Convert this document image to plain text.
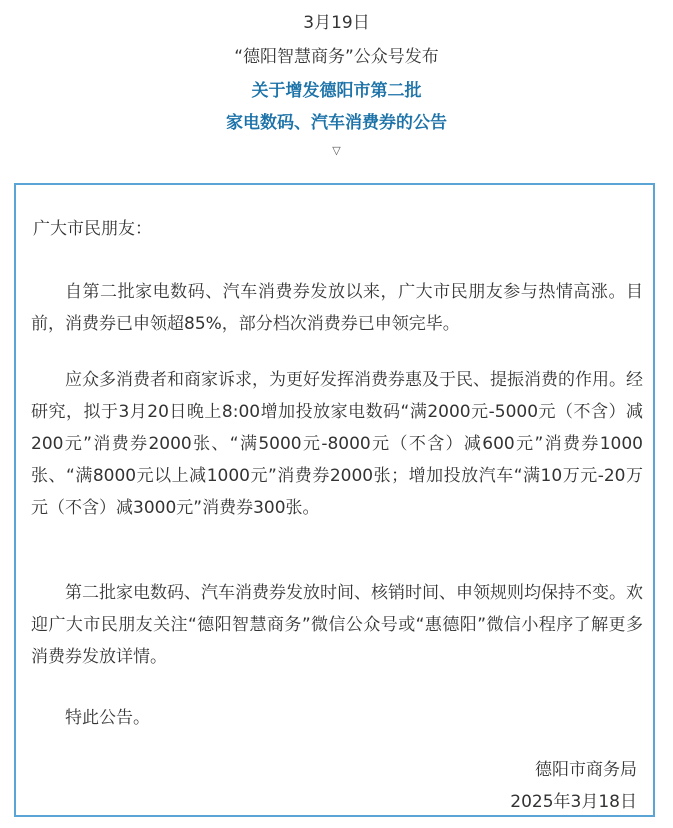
3月19日
“德阳智慧商务”公众号发布
关于增发德阳市第二批
家电数码、汽车消费券的公告
▽
广大市民朋友：

自第二批家电数码、汽车消费券发放以来，广大市民朋友参与热情高涨。目前，消费券已申领超85%，部分档次消费券已申领完毕。

应众多消费者和商家诉求，为更好发挥消费券惠及于民、提振消费的作用。经研究，拟于3月20日晚上8:00增加投放家电数码“满2000元-5000元（不含）减200元”消费券2000张、“满5000元-8000元（不含）减600元”消费券1000张、“满8000元以上减1000元”消费券2000张；增加投放汽车“满10万元-20万元（不含）减3000元”消费券300张。

第二批家电数码、汽车消费券发放时间、核销时间、申领规则均保持不变。欢迎广大市民朋友关注“德阳智慧商务”微信公众号或“惠德阳”微信小程序了解更多消费券发放详情。

特此公告。

德阳市商务局
2025年3月18日
